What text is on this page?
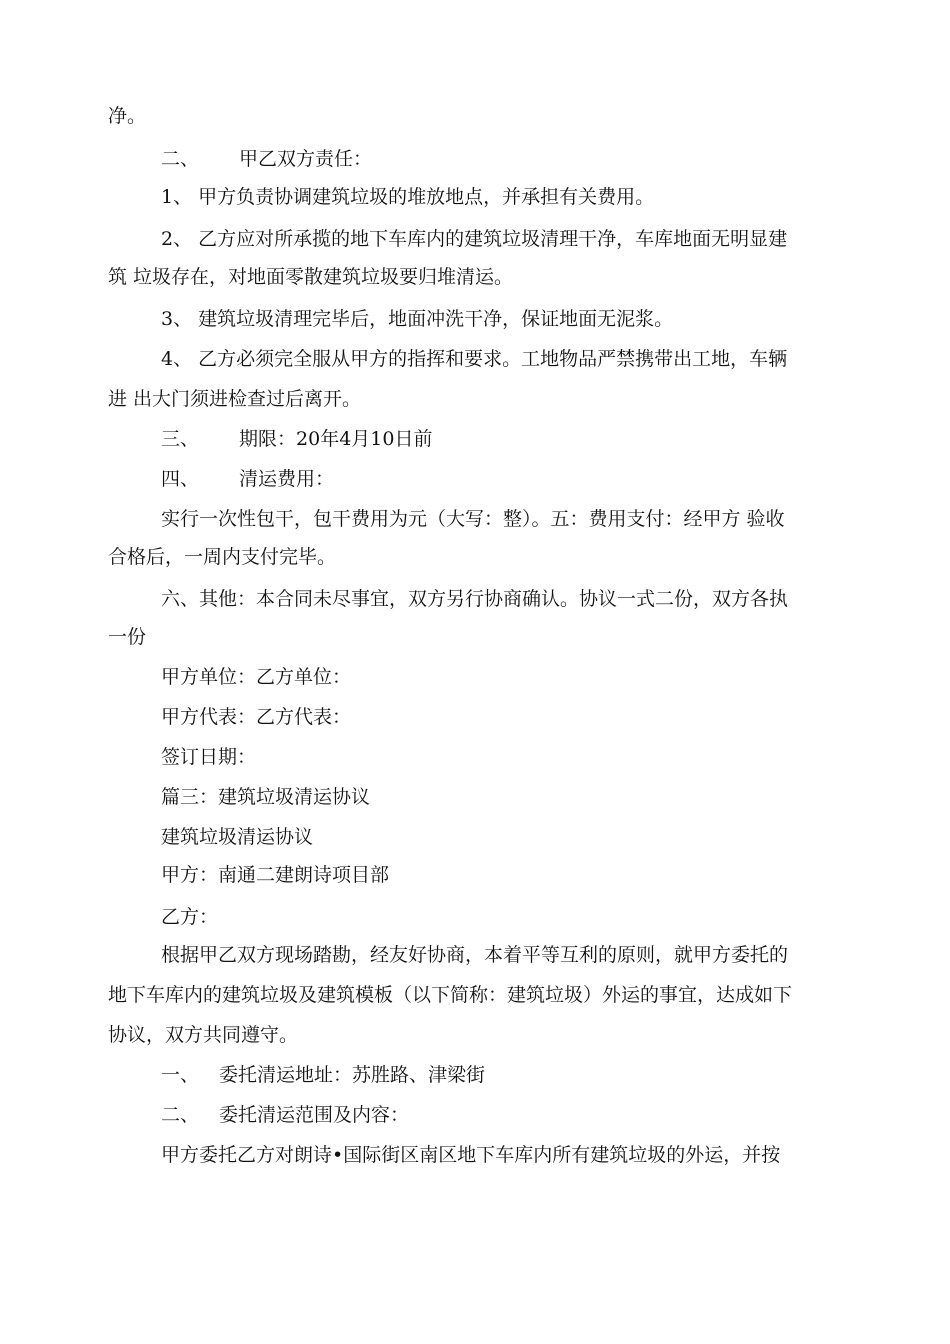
净。
二、 甲乙双方责任：
1、 甲方负责协调建筑垃圾的堆放地点，并承担有关费用。
2、 乙方应对所承揽的地下车库内的建筑垃圾清理干净，车库地面无明显建
筑 垃圾存在，对地面零散建筑垃圾要归堆清运。
3、 建筑垃圾清理完毕后，地面冲洗干净，保证地面无泥浆。
4、 乙方必须完全服从甲方的指挥和要求。工地物品严禁携带出工地，车辆
进 出大门须进检查过后离开。
三、 期限：20年4月10日前
四、 清运费用：
实行一次性包干，包干费用为元（大写：整）。五：费用支付：经甲方 验收
合格后，一周内支付完毕。
六、其他：本合同未尽事宜，双方另行协商确认。协议一式二份，双方各执
一份
甲方单位：乙方单位：
甲方代表：乙方代表：
签订日期：
篇三：建筑垃圾清运协议
建筑垃圾清运协议
甲方：南通二建朗诗项目部
乙方：
根据甲乙双方现场踏勘，经友好协商，本着平等互利的原则，就甲方委托的
地下车库内的建筑垃圾及建筑模板（以下简称：建筑垃圾）外运的事宜，达成如下
协议，双方共同遵守。
一、 委托清运地址：苏胜路、津梁街
二、 委托清运范围及内容：
甲方委托乙方对朗诗•国际街区南区地下车库内所有建筑垃圾的外运，并按
